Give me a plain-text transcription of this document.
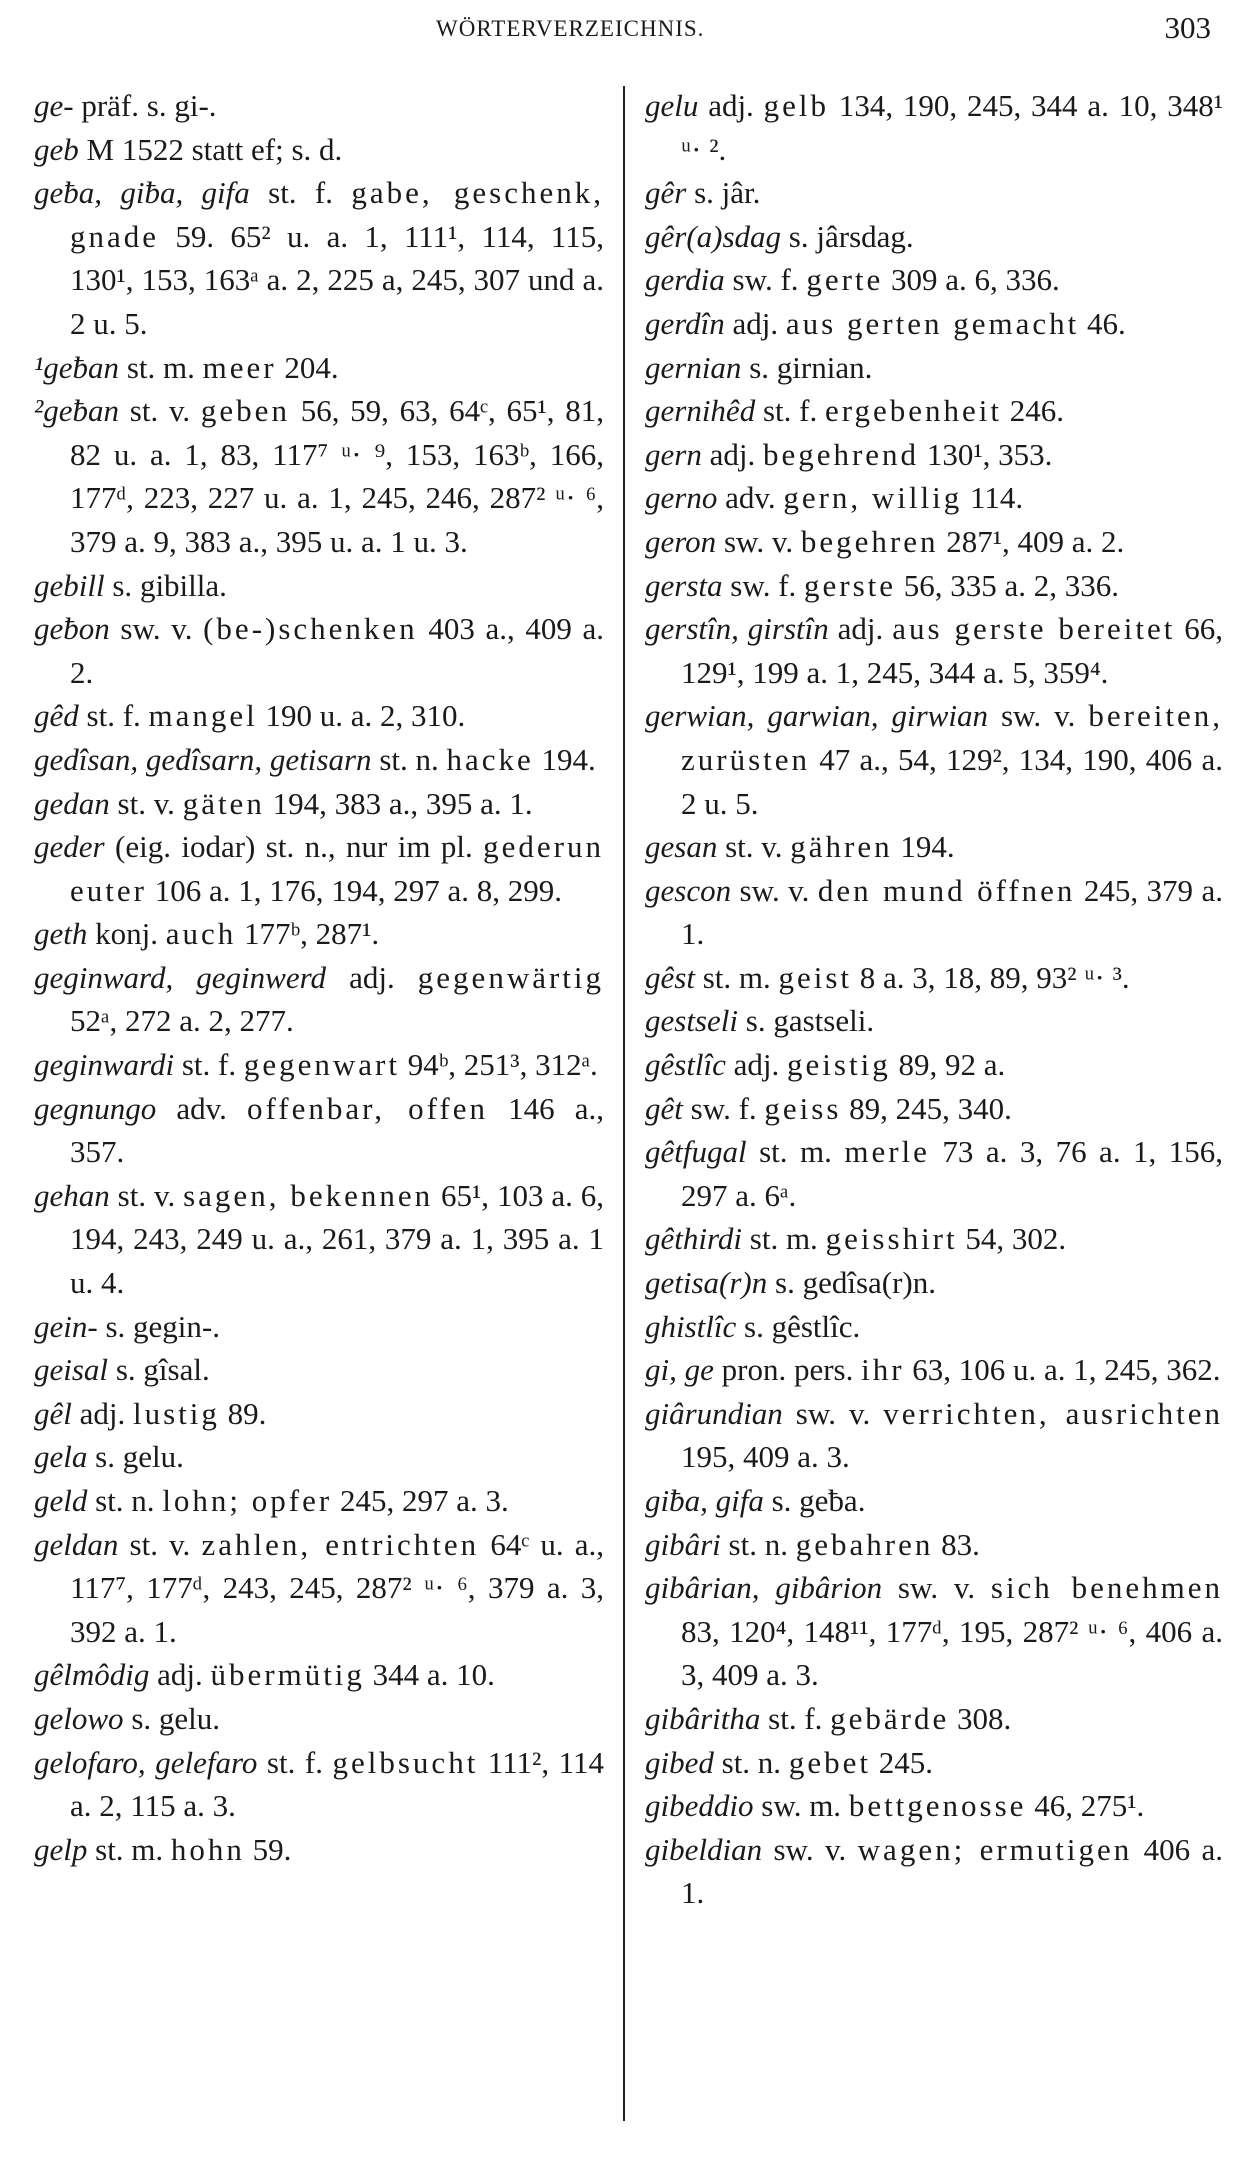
WÖRTERVERZEICHNIS.	303

ge- präf. s. gi-.

geb M 1522 statt ef; s. d.

geƀa, giƀa, gifa st. f. gabe, geschenk, gnade 59. 65² u. a. 1, 111¹, 114, 115, 130¹, 153, 163ᵃ a. 2, 225 a, 245, 307 und a. 2 u. 5.

¹geƀan st. m. meer 204.

²geƀan st. v. geben 56, 59, 63, 64ᶜ, 65¹, 81, 82 u. a. 1, 83, 117⁷ ᵘ· ⁹, 153, 163ᵇ, 166, 177ᵈ, 223, 227 u. a. 1, 245, 246, 287² ᵘ· ⁶, 379 a. 9, 383 a., 395 u. a. 1 u. 3.

gebill s. gibilla.

geƀon sw. v. (be-)schenken 403 a., 409 a. 2.

gêd st. f. mangel 190 u. a. 2, 310.

gedîsan, gedîsarn, getisarn st. n. hacke 194.

gedan st. v. gäten 194, 383 a., 395 a. 1.

geder (eig. iodar) st. n., nur im pl. gederun euter 106 a. 1, 176, 194, 297 a. 8, 299.

geth konj. auch 177ᵇ, 287¹.

geginward, geginwerd adj. gegenwärtig 52ᵃ, 272 a. 2, 277.

geginwardi st. f. gegenwart 94ᵇ, 251³, 312ᵃ.

gegnungo adv. offenbar, offen 146 a., 357.

gehan st. v. sagen, bekennen 65¹, 103 a. 6, 194, 243, 249 u. a., 261, 379 a. 1, 395 a. 1 u. 4.

gein- s. gegin-.

geisal s. gîsal.

gêl adj. lustig 89.

gela s. gelu.

geld st. n. lohn; opfer 245, 297 a. 3.

geldan st. v. zahlen, entrichten 64ᶜ u. a., 117⁷, 177ᵈ, 243, 245, 287² ᵘ· ⁶, 379 a. 3, 392 a. 1.

gêlmôdig adj. übermütig 344 a. 10.

gelowo s. gelu.

gelofaro, gelefaro st. f. gelbsucht 111², 114 a. 2, 115 a. 3.

gelp st. m. hohn 59.

gelu adj. gelb 134, 190, 245, 344 a. 10, 348¹ ᵘ· ².

gêr s. jâr.

gêr(a)sdag s. jârsdag.

gerdia sw. f. gerte 309 a. 6, 336.

gerdîn adj. aus gerten gemacht 46.

gernian s. girnian.

gernihêd st. f. ergebenheit 246.

gern adj. begehrend 130¹, 353.

gerno adv. gern, willig 114.

geron sw. v. begehren 287¹, 409 a. 2.

gersta sw. f. gerste 56, 335 a. 2, 336.

gerstîn, girstîn adj. aus gerste bereitet 66, 129¹, 199 a. 1, 245, 344 a. 5, 359⁴.

gerwian, garwian, girwian sw. v. bereiten, zurüsten 47 a., 54, 129², 134, 190, 406 a. 2 u. 5.

gesan st. v. gähren 194.

gescon sw. v. den mund öffnen 245, 379 a. 1.

gêst st. m. geist 8 a. 3, 18, 89, 93² ᵘ· ³.

gestseli s. gastseli.

gêstlîc adj. geistig 89, 92 a.

gêt sw. f. geiss 89, 245, 340.

gêtfugal st. m. merle 73 a. 3, 76 a. 1, 156, 297 a. 6ᵃ.

gêthirdi st. m. geisshirt 54, 302.

getisa(r)n s. gedîsa(r)n.

ghistlîc s. gêstlîc.

gi, ge pron. pers. ihr 63, 106 u. a. 1, 245, 362.

giârundian sw. v. verrichten, ausrichten 195, 409 a. 3.

giƀa, gifa s. geƀa.

gibâri st. n. gebahren 83.

gibârian, gibârion sw. v. sich benehmen 83, 120⁴, 148¹¹, 177ᵈ, 195, 287² ᵘ· ⁶, 406 a. 3, 409 a. 3.

gibâritha st. f. gebärde 308.

gibed st. n. gebet 245.

gibeddio sw. m. bettgenosse 46, 275¹.

gibeldian sw. v. wagen; ermutigen 406 a. 1.
